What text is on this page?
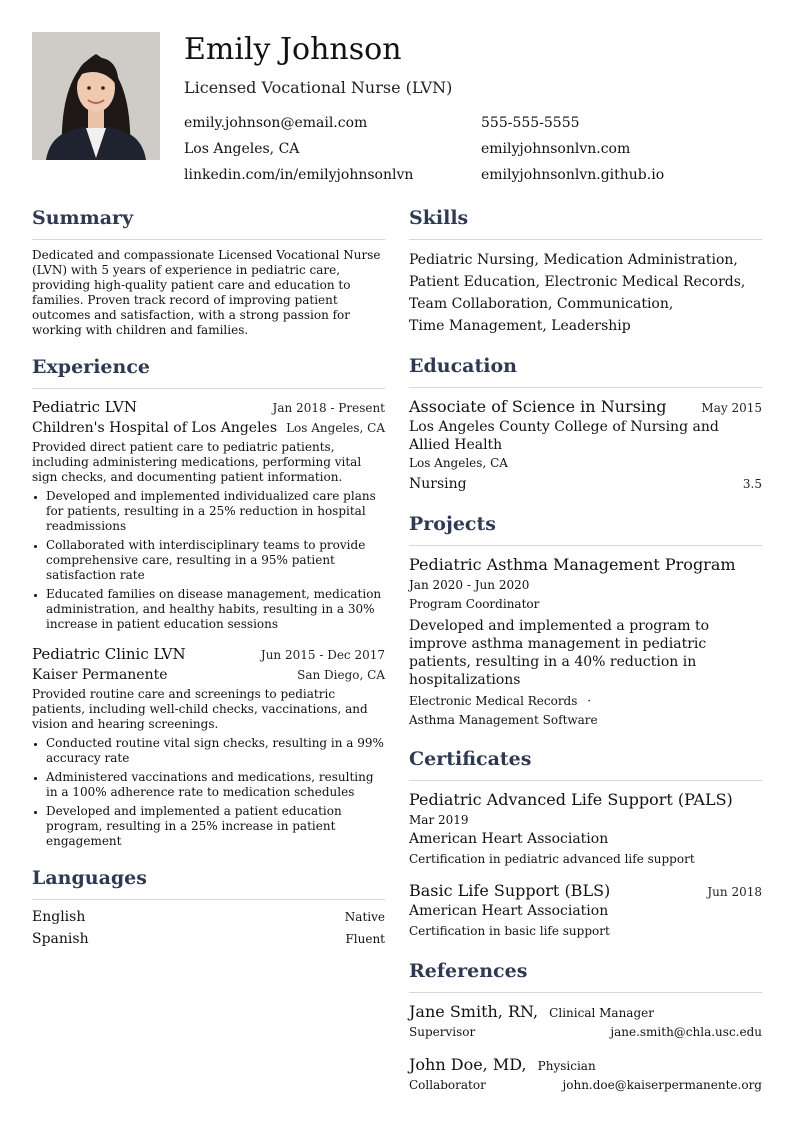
Emily Johnson
Licensed Vocational Nurse (LVN)
emily.johnson@email.com	555-555-5555
Los Angeles, CA	emilyjohnsonlvn.com
linkedin.com/in/emilyjohnsonlvn	emilyjohnsonlvn.github.io
Summary
Dedicated and compassionate Licensed Vocational Nurse (LVN) with 5 years of experience in pediatric care, providing high-quality patient care and education to families. Proven track record of improving patient outcomes and satisfaction, with a strong passion for working with children and families.
Experience
Pediatric LVN	Jan 2018 - Present
Children's Hospital of Los Angeles Los Angeles, CA
Provided direct patient care to pediatric patients, including administering medications, performing vital sign checks, and documenting patient information.
• Developed and implemented individualized care plans for patients, resulting in a 25% reduction in hospital readmissions
• Collaborated with interdisciplinary teams to provide comprehensive care, resulting in a 95% patient satisfaction rate
• Educated families on disease management, medication administration, and healthy habits, resulting in a 30% increase in patient education sessions
Pediatric Clinic LVN	Jun 2015 - Dec 2017
Kaiser Permanente	San Diego, CA
Provided routine care and screenings to pediatric patients, including well-child checks, vaccinations, and vision and hearing screenings.
• Conducted routine vital sign checks, resulting in a 99% accuracy rate
• Administered vaccinations and medications, resulting in a 100% adherence rate to medication schedules
• Developed and implemented a patient education program, resulting in a 25% increase in patient engagement
Languages
English	Native
Spanish	Fluent
Skills
Pediatric Nursing, Medication Administration,
Patient Education, Electronic Medical Records,
Team Collaboration, Communication,
Time Management, Leadership
Education
Associate of Science in Nursing	May 2015
Los Angeles County College of Nursing and Allied Health
Los Angeles, CA
Nursing	3.5
Projects
Pediatric Asthma Management Program
Jan 2020 - Jun 2020
Program Coordinator
Developed and implemented a program to improve asthma management in pediatric patients, resulting in a 40% reduction in hospitalizations
Electronic Medical Records ·
Asthma Management Software
Certificates
Pediatric Advanced Life Support (PALS)
Mar 2019
American Heart Association
Certification in pediatric advanced life support
Basic Life Support (BLS)	Jun 2018
American Heart Association
Certification in basic life support
References
Jane Smith, RN, Clinical Manager
Supervisor	jane.smith@chla.usc.edu
John Doe, MD, Physician
Collaborator	john.doe@kaiserpermanente.org
